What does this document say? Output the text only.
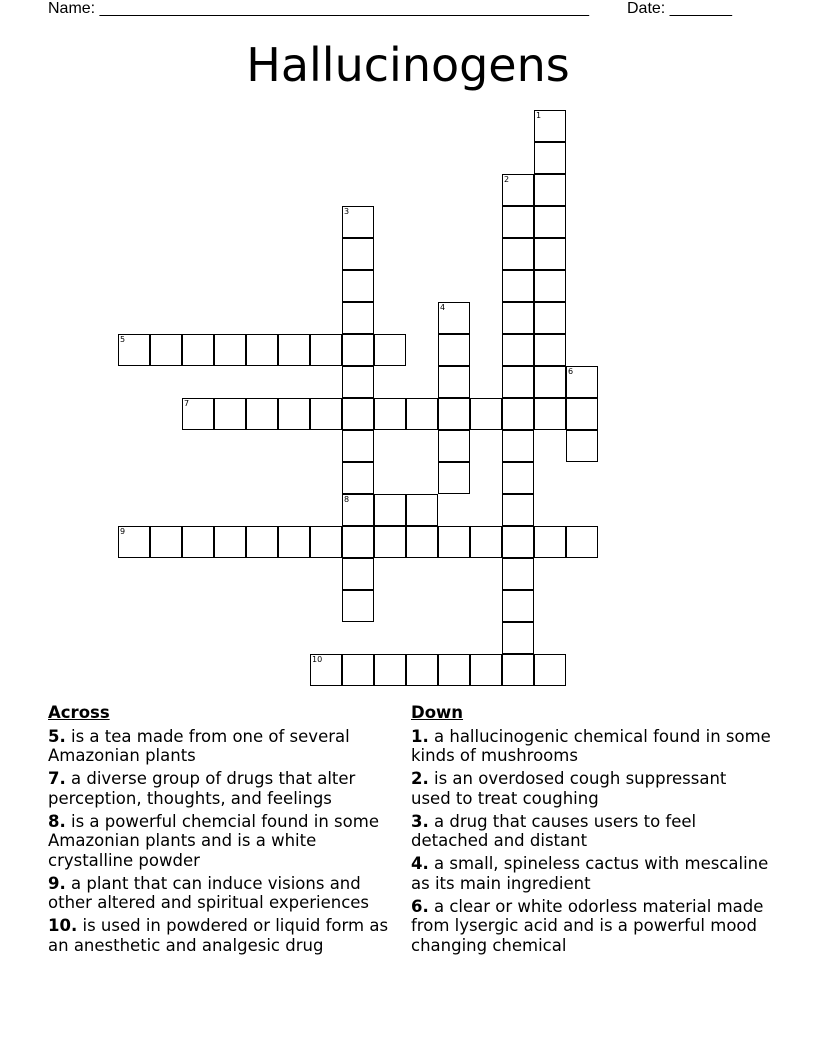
Name: _______________________________________________________ Date: _______
Hallucinogens
1
2
3
8
4
5
6
7
9
10
Across
5. is a tea made from one of several Amazonian plants
7. a diverse group of drugs that alter perception, thoughts, and feelings
8. is a powerful chemcial found in some Amazonian plants and is a white crystalline powder
9. a plant that can induce visions and other altered and spiritual experiences
10. is used in powdered or liquid form as an anesthetic and analgesic drug
Down
1. a hallucinogenic chemical found in some kinds of mushrooms
2. is an overdosed cough suppressant used to treat coughing
3. a drug that causes users to feel detached and distant
4. a small, spineless cactus with mescaline as its main ingredient
6. a clear or white odorless material made from lysergic acid and is a powerful mood changing chemical
